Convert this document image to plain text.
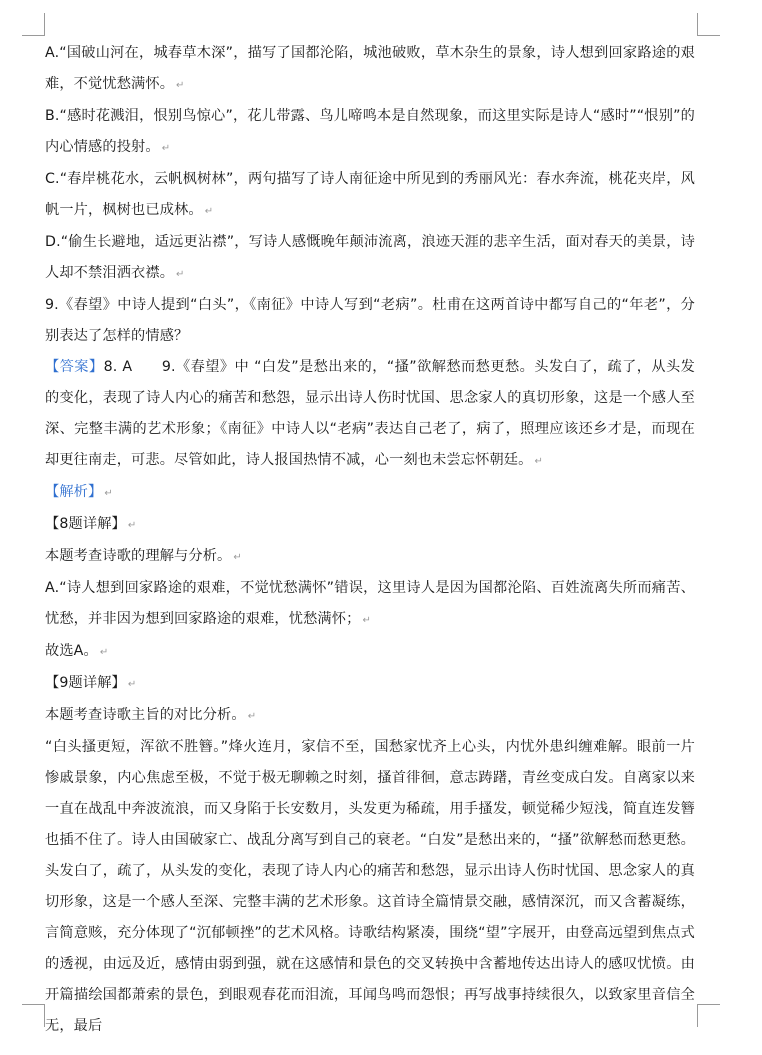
A.“国破山河在，城春草木深”，描写了国都沦陷，城池破败，草木杂生的景象，诗人想到回家路途的艰难，不觉忧愁满怀。 ↵

B.“感时花溅泪，恨别鸟惊心”，花儿带露、鸟儿啼鸣本是自然现象，而这里实际是诗人“感时”“恨别”的内心情感的投射。 ↵

C.“春岸桃花水，云帆枫树林”，两句描写了诗人南征途中所见到的秀丽风光：春水奔流，桃花夹岸，风帆一片，枫树也已成林。 ↵

D.“偷生长避地，适远更沾襟”，写诗人感慨晚年颠沛流离，浪迹天涯的悲辛生活，面对春天的美景，诗人却不禁泪洒衣襟。 ↵

9.《春望》中诗人提到“白头”，《南征》中诗人写到“老病”。杜甫在这两首诗中都写自己的“年老”，分别表达了怎样的情感？

【答案】8. A　　9.《春望》中 “白发”是愁出来的，“搔”欲解愁而愁更愁。头发白了，疏了，从头发的变化，表现了诗人内心的痛苦和愁怨，显示出诗人伤时忧国、思念家人的真切形象，这是一个感人至深、完整丰满的艺术形象；《南征》中诗人以“老病”表达自己老了，病了，照理应该还乡才是，而现在却更往南走，可悲。尽管如此，诗人报国热情不减，心一刻也未尝忘怀朝廷。 ↵

【解析】 ↵

【8题详解】 ↵

本题考查诗歌的理解与分析。 ↵

A.“诗人想到回家路途的艰难，不觉忧愁满怀”错误，这里诗人是因为国都沦陷、百姓流离失所而痛苦、忧愁，并非因为想到回家路途的艰难，忧愁满怀； ↵

故选A。 ↵

【9题详解】 ↵

本题考查诗歌主旨的对比分析。 ↵

“白头搔更短，浑欲不胜簪。”烽火连月，家信不至，国愁家忧齐上心头，内忧外患纠缠难解。眼前一片惨戚景象，内心焦虑至极，不觉于极无聊赖之时刻，搔首徘徊，意志踌躇，青丝变成白发。自离家以来一直在战乱中奔波流浪，而又身陷于长安数月，头发更为稀疏，用手搔发，顿觉稀少短浅，简直连发簪也插不住了。诗人由国破家亡、战乱分离写到自己的衰老。“白发”是愁出来的，“搔”欲解愁而愁更愁。头发白了，疏了，从头发的变化，表现了诗人内心的痛苦和愁怨，显示出诗人伤时忧国、思念家人的真切形象，这是一个感人至深、完整丰满的艺术形象。这首诗全篇情景交融，感情深沉，而又含蓄凝练，言简意赅，充分体现了“沉郁顿挫”的艺术风格。诗歌结构紧凑，围绕“望”字展开，由登高远望到焦点式的透视，由远及近，感情由弱到强，就在这感情和景色的交叉转换中含蓄地传达出诗人的感叹忧愤。由开篇描绘国都萧索的景色，到眼观春花而泪流，耳闻鸟鸣而怨恨；再写战事持续很久，以致家里音信全无，最后
